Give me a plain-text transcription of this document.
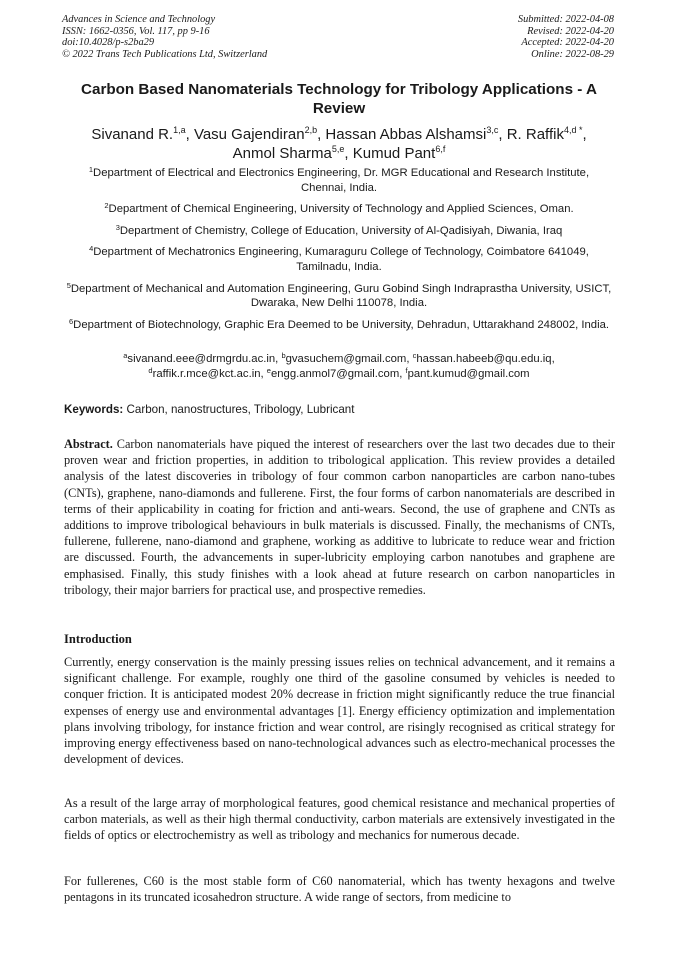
Advances in Science and Technology
ISSN: 1662-0356, Vol. 117, pp 9-16
doi:10.4028/p-s2ba29
© 2022 Trans Tech Publications Ltd, Switzerland
Submitted: 2022-04-08
Revised: 2022-04-20
Accepted: 2022-04-20
Online: 2022-08-29
Carbon Based Nanomaterials Technology for Tribology Applications - A Review
Sivanand R.$^{1,a}$, Vasu Gajendiran$^{2,b}$, Hassan Abbas Alshamsi$^{3,c}$, R. Raffik$^{4,d *}$,
Anmol Sharma$^{5,e}$, Kumud Pant$^{6,f}$
$^1$Department of Electrical and Electronics Engineering, Dr. MGR Educational and Research Institute, Chennai, India.
$^2$Department of Chemical Engineering, University of Technology and Applied Sciences, Oman.
$^3$Department of Chemistry, College of Education, University of Al-Qadisiyah, Diwania, Iraq
$^4$Department of Mechatronics Engineering, Kumaraguru College of Technology, Coimbatore 641049, Tamilnadu, India.
$^5$Department of Mechanical and Automation Engineering, Guru Gobind Singh Indraprastha University, USICT, Dwaraka, New Delhi 110078, India.
$^6$Department of Biotechnology, Graphic Era Deemed to be University, Dehradun, Uttarakhand 248002, India.
$^a$sivanand.eee@drmgrdu.ac.in, $^b$gvasuchem@gmail.com, $^c$hassan.habeeb@qu.edu.iq,
$^d$raffik.r.mce@kct.ac.in, $^e$engg.anmol7@gmail.com, $^f$pant.kumud@gmail.com
Keywords: Carbon, nanostructures, Tribology, Lubricant
Abstract. Carbon nanomaterials have piqued the interest of researchers over the last two decades due to their proven wear and friction properties, in addition to tribological application. This review provides a detailed analysis of the latest discoveries in tribology of four common carbon nanoparticles are carbon nano-tubes (CNTs), graphene, nano-diamonds and fullerene. First, the four forms of carbon nanomaterials are described in terms of their applicability in coating for friction and anti-wears. Second, the use of graphene and CNTs as additions to improve tribological behaviours in bulk materials is discussed. Finally, the mechanisms of CNTs, fullerene, fullerene, nano-diamond and graphene, working as additive to lubricate to reduce wear and friction are discussed. Fourth, the advancements in super-lubricity employing carbon nanotubes and graphene are emphasised. Finally, this study finishes with a look ahead at future research on carbon nanoparticles in tribology, their major barriers for practical use, and prospective remedies.
Introduction
Currently, energy conservation is the mainly pressing issues relies on technical advancement, and it remains a significant challenge. For example, roughly one third of the gasoline consumed by vehicles is needed to conquer friction. It is anticipated modest 20% decrease in friction might significantly reduce the true financial expenses of energy use and environmental advantages [1]. Energy efficiency optimization and implementation plans involving tribology, for instance friction and wear control, are risingly recognised as critical strategy for improving energy effectiveness based on nano-technological advances such as electro-mechanical processes the development of devices.
As a result of the large array of morphological features, good chemical resistance and mechanical properties of carbon materials, as well as their high thermal conductivity, carbon materials are extensively investigated in the fields of optics or electrochemistry as well as tribology and mechanics for numerous decade.
For fullerenes, C60 is the most stable form of C60 nanomaterial, which has twenty hexagons and twelve pentagons in its truncated icosahedron structure. A wide range of sectors, from medicine to
